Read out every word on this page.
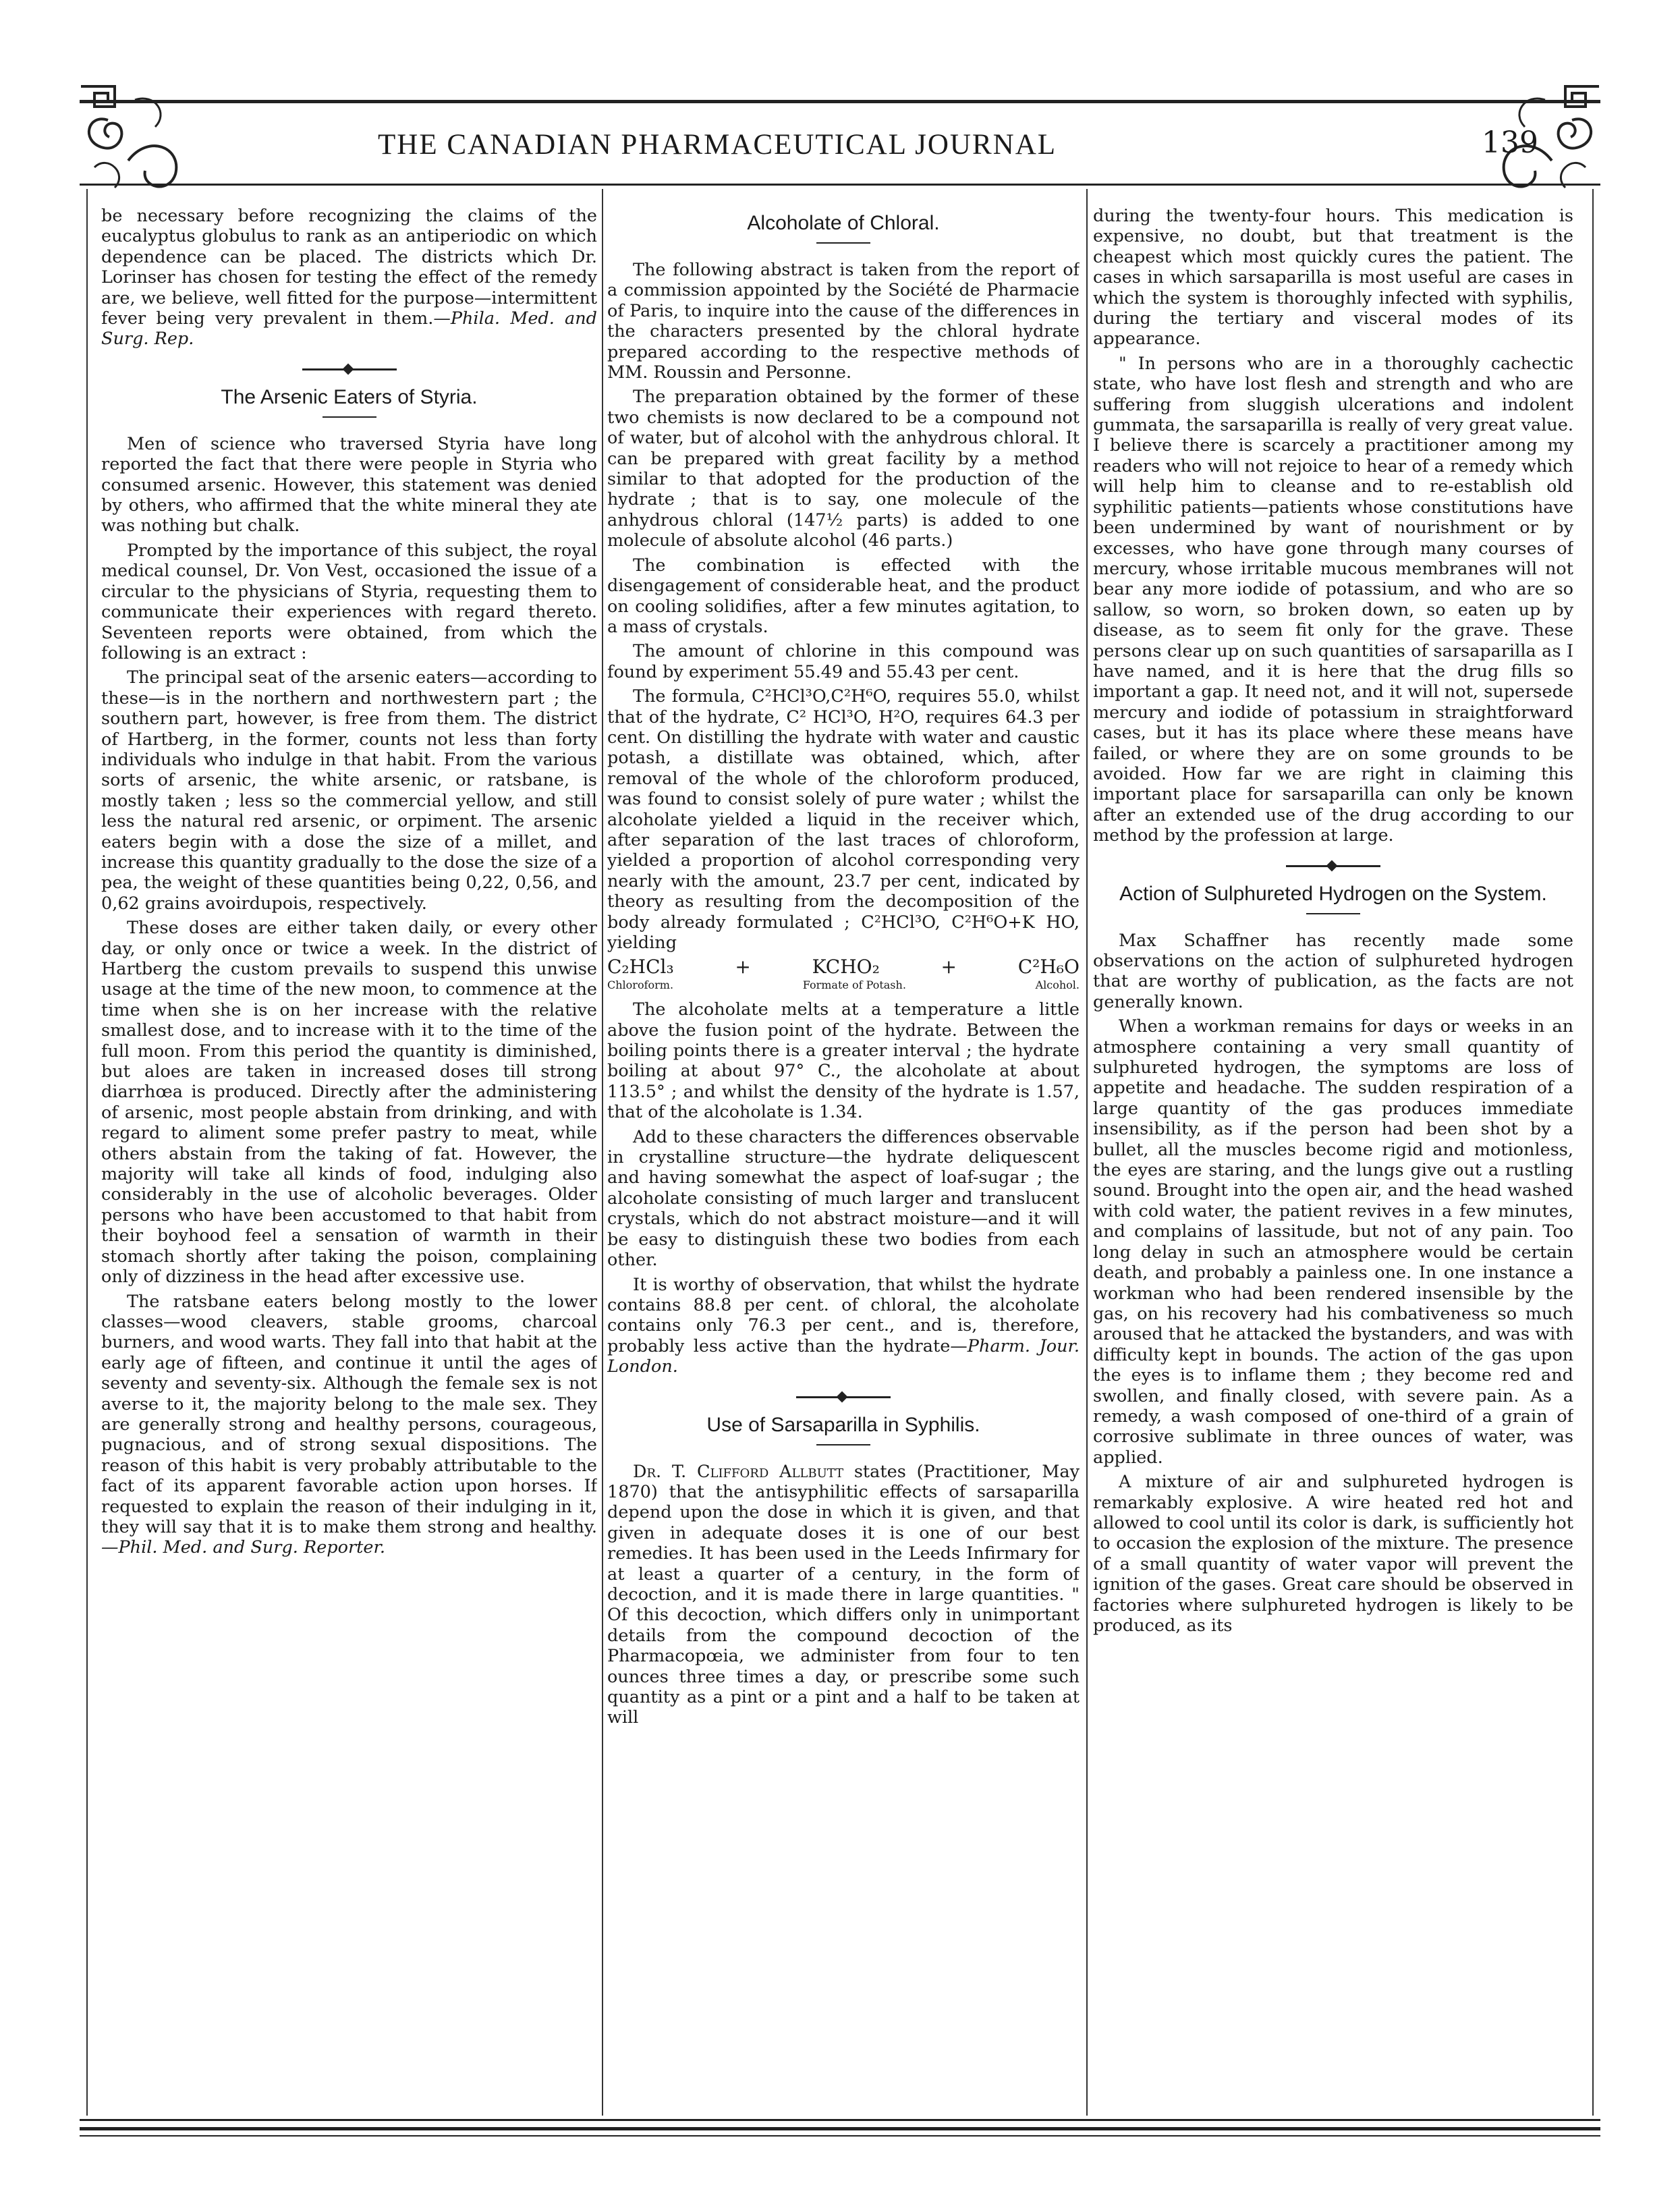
THE CANADIAN PHARMACEUTICAL JOURNAL	139

be necessary before recognizing the claims of the eucalyptus globulus to rank as an antiperiodic on which dependence can be placed. The districts which Dr. Lorinser has chosen for testing the effect of the remedy are, we believe, well fitted for the purpose—intermittent fever being very prevalent in them.—Phila. Med. and Surg. Rep.

The Arsenic Eaters of Styria.

Men of science who traversed Styria have long reported the fact that there were people in Styria who consumed arsenic. However, this statement was denied by others, who affirmed that the white mineral they ate was nothing but chalk.

Prompted by the importance of this subject, the royal medical counsel, Dr. Von Vest, occasioned the issue of a circular to the physicians of Styria, requesting them to communicate their experiences with regard thereto. Seventeen reports were obtained, from which the following is an extract :

The principal seat of the arsenic eaters—according to these—is in the northern and northwestern part ; the southern part, however, is free from them. The district of Hartberg, in the former, counts not less than forty individuals who indulge in that habit. From the various sorts of arsenic, the white arsenic, or ratsbane, is mostly taken ; less so the commercial yellow, and still less the natural red arsenic, or orpiment. The arsenic eaters begin with a dose the size of a millet, and increase this quantity gradually to the dose the size of a pea, the weight of these quantities being 0,22, 0,56, and 0,62 grains avoirdupois, respectively.

These doses are either taken daily, or every other day, or only once or twice a week. In the district of Hartberg the custom prevails to suspend this unwise usage at the time of the new moon, to commence at the time when she is on her increase with the relative smallest dose, and to increase with it to the time of the full moon. From this period the quantity is diminished, but aloes are taken in increased doses till strong diarrhœa is produced. Directly after the administering of arsenic, most people abstain from drinking, and with regard to aliment some prefer pastry to meat, while others abstain from the taking of fat. However, the majority will take all kinds of food, indulging also considerably in the use of alcoholic beverages. Older persons who have been accustomed to that habit from their boyhood feel a sensation of warmth in their stomach shortly after taking the poison, complaining only of dizziness in the head after excessive use.

The ratsbane eaters belong mostly to the lower classes—wood cleavers, stable grooms, charcoal burners, and wood warts. They fall into that habit at the early age of fifteen, and continue it until the ages of seventy and seventy-six. Although the female sex is not averse to it, the majority belong to the male sex. They are generally strong and healthy persons, courageous, pugnacious, and of strong sexual dispositions. The reason of this habit is very probably attributable to the fact of its apparent favorable action upon horses. If requested to explain the reason of their indulging in it, they will say that it is to make them strong and healthy. —Phil. Med. and Surg. Reporter.

Alcoholate of Chloral.

The following abstract is taken from the report of a commission appointed by the Société de Pharmacie of Paris, to inquire into the cause of the differences in the characters presented by the chloral hydrate prepared according to the respective methods of MM. Roussin and Personne.

The preparation obtained by the former of these two chemists is now declared to be a compound not of water, but of alcohol with the anhydrous chloral. It can be prepared with great facility by a method similar to that adopted for the production of the hydrate ; that is to say, one molecule of the anhydrous chloral (147½ parts) is added to one molecule of absolute alcohol (46 parts.)

The combination is effected with the disengagement of considerable heat, and the product on cooling solidifies, after a few minutes agitation, to a mass of crystals.

The amount of chlorine in this compound was found by experiment 55.49 and 55.43 per cent.

The formula, C²HCl³O,C²H⁶O, requires 55.0, whilst that of the hydrate, C² HCl³O, H²O, requires 64.3 per cent. On distilling the hydrate with water and caustic potash, a distillate was obtained, which, after removal of the whole of the chloroform produced, was found to consist solely of pure water ; whilst the alcoholate yielded a liquid in the receiver which, after separation of the last traces of chloroform, yielded a proportion of alcohol corresponding very nearly with the amount, 23.7 per cent, indicated by theory as resulting from the decomposition of the body already formulated ; C²HCl³O, C²H⁶O+K HO, yielding

C₂HCl₃	+	KCHO₂	+	C²H₆O
Chloroform.	Formate of Potash.	Alcohol.

The alcoholate melts at a temperature a little above the fusion point of the hydrate. Between the boiling points there is a greater interval ; the hydrate boiling at about 97° C., the alcoholate at about 113.5° ; and whilst the density of the hydrate is 1.57, that of the alcoholate is 1.34.

Add to these characters the differences observable in crystalline structure—the hydrate deliquescent and having somewhat the aspect of loaf-sugar ; the alcoholate consisting of much larger and translucent crystals, which do not abstract moisture—and it will be easy to distinguish these two bodies from each other.

It is worthy of observation, that whilst the hydrate contains 88.8 per cent. of chloral, the alcoholate contains only 76.3 per cent., and is, therefore, probably less active than the hydrate—Pharm. Jour. London.

Use of Sarsaparilla in Syphilis.

Dr. T. Clifford Allbutt states (Practitioner, May 1870) that the antisyphilitic effects of sarsaparilla depend upon the dose in which it is given, and that given in adequate doses it is one of our best remedies. It has been used in the Leeds Infirmary for at least a quarter of a century, in the form of decoction, and it is made there in large quantities. " Of this decoction, which differs only in unimportant details from the compound decoction of the Pharmacopœia, we administer from four to ten ounces three times a day, or prescribe some such quantity as a pint or a pint and a half to be taken at will

during the twenty-four hours. This medication is expensive, no doubt, but that treatment is the cheapest which most quickly cures the patient. The cases in which sarsaparilla is most useful are cases in which the system is thoroughly infected with syphilis, during the tertiary and visceral modes of its appearance.

" In persons who are in a thoroughly cachectic state, who have lost flesh and strength and who are suffering from sluggish ulcerations and indolent gummata, the sarsaparilla is really of very great value. I believe there is scarcely a practitioner among my readers who will not rejoice to hear of a remedy which will help him to cleanse and to re-establish old syphilitic patients—patients whose constitutions have been undermined by want of nourishment or by excesses, who have gone through many courses of mercury, whose irritable mucous membranes will not bear any more iodide of potassium, and who are so sallow, so worn, so broken down, so eaten up by disease, as to seem fit only for the grave. These persons clear up on such quantities of sarsaparilla as I have named, and it is here that the drug fills so important a gap. It need not, and it will not, supersede mercury and iodide of potassium in straightforward cases, but it has its place where these means have failed, or where they are on some grounds to be avoided. How far we are right in claiming this important place for sarsaparilla can only be known after an extended use of the drug according to our method by the profession at large.

Action of Sulphureted Hydrogen on the System.

Max Schaffner has recently made some observations on the action of sulphureted hydrogen that are worthy of publication, as the facts are not generally known.

When a workman remains for days or weeks in an atmosphere containing a very small quantity of sulphureted hydrogen, the symptoms are loss of appetite and headache. The sudden respiration of a large quantity of the gas produces immediate insensibility, as if the person had been shot by a bullet, all the muscles become rigid and motionless, the eyes are staring, and the lungs give out a rustling sound. Brought into the open air, and the head washed with cold water, the patient revives in a few minutes, and complains of lassitude, but not of any pain. Too long delay in such an atmosphere would be certain death, and probably a painless one. In one instance a workman who had been rendered insensible by the gas, on his recovery had his combativeness so much aroused that he attacked the bystanders, and was with difficulty kept in bounds. The action of the gas upon the eyes is to inflame them ; they become red and swollen, and finally closed, with severe pain. As a remedy, a wash composed of one-third of a grain of corrosive sublimate in three ounces of water, was applied.

A mixture of air and sulphureted hydrogen is remarkably explosive. A wire heated red hot and allowed to cool until its color is dark, is sufficiently hot to occasion the explosion of the mixture. The presence of a small quantity of water vapor will prevent the ignition of the gases. Great care should be observed in factories where sulphureted hydrogen is likely to be produced, as its
